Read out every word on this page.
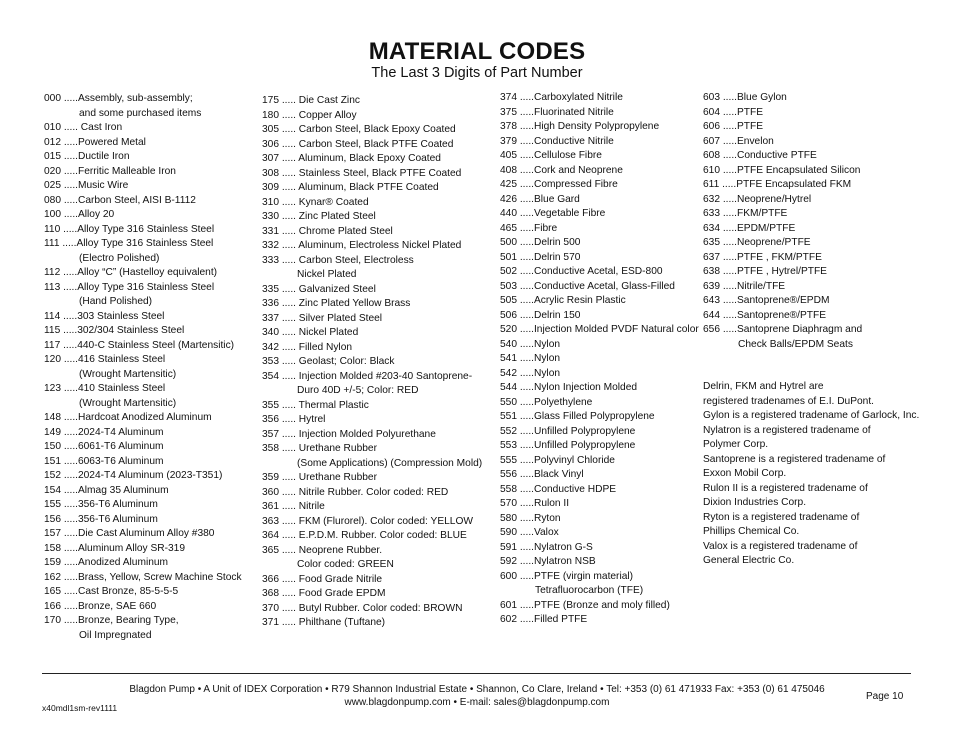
MATERIAL CODES
The Last 3 Digits of Part Number
000 .....Assembly, sub-assembly;
and some purchased items
010 ..... Cast Iron
012 .....Powered Metal
015 .....Ductile Iron
020 .....Ferritic Malleable Iron
025 .....Music Wire
080 .....Carbon Steel, AISI B-1112
100 .....Alloy 20
110 .....Alloy Type 316 Stainless Steel
111 .....Alloy Type 316 Stainless Steel
(Electro Polished)
112 .....Alloy “C” (Hastelloy equivalent)
113 .....Alloy Type 316 Stainless Steel
(Hand Polished)
114 .....303 Stainless Steel
115 .....302/304 Stainless Steel
117 .....440-C Stainless Steel (Martensitic)
120 .....416 Stainless Steel
(Wrought Martensitic)
123 .....410 Stainless Steel
(Wrought Martensitic)
148 .....Hardcoat Anodized Aluminum
149 .....2024-T4 Aluminum
150 .....6061-T6 Aluminum
151 .....6063-T6 Aluminum
152 .....2024-T4 Aluminum (2023-T351)
154 .....Almag 35 Aluminum
155 .....356-T6 Aluminum
156 .....356-T6 Aluminum
157 .....Die Cast Aluminum Alloy #380
158 .....Aluminum Alloy SR-319
159 .....Anodized Aluminum
162 .....Brass, Yellow, Screw Machine Stock
165 .....Cast Bronze, 85-5-5-5
166 .....Bronze, SAE 660
170 .....Bronze, Bearing Type,
Oil Impregnated
175 ..... Die Cast Zinc
180 ..... Copper Alloy
305 ..... Carbon Steel, Black Epoxy Coated
306 ..... Carbon Steel, Black PTFE Coated
307 ..... Aluminum, Black Epoxy Coated
308 ..... Stainless Steel, Black PTFE Coated
309 ..... Aluminum, Black PTFE Coated
310 ..... Kynar® Coated
330 ..... Zinc Plated Steel
331 ..... Chrome Plated Steel
332 ..... Aluminum, Electroless Nickel Plated
333 ..... Carbon Steel, Electroless
Nickel Plated
335 ..... Galvanized Steel
336 ..... Zinc Plated Yellow Brass
337 ..... Silver Plated Steel
340 ..... Nickel Plated
342 ..... Filled Nylon
353 ..... Geolast; Color: Black
354 ..... Injection Molded #203-40 Santoprene-
Duro 40D +/-5; Color: RED
355 ..... Thermal Plastic
356 ..... Hytrel
357 ..... Injection Molded Polyurethane
358 ..... Urethane Rubber
(Some Applications) (Compression Mold)
359 ..... Urethane Rubber
360 ..... Nitrile Rubber. Color coded: RED
361 ..... Nitrile
363 ..... FKM (Flurorel). Color coded: YELLOW
364 ..... E.P.D.M. Rubber. Color coded: BLUE
365 ..... Neoprene Rubber.
Color coded: GREEN
366 ..... Food Grade Nitrile
368 ..... Food Grade EPDM
370 ..... Butyl Rubber. Color coded: BROWN
371 ..... Philthane (Tuftane)
374 .....Carboxylated Nitrile
375 .....Fluorinated Nitrile
378 .....High Density Polypropylene
379 .....Conductive Nitrile
405 .....Cellulose Fibre
408 .....Cork and Neoprene
425 .....Compressed Fibre
426 .....Blue Gard
440 .....Vegetable Fibre
465 .....Fibre
500 .....Delrin 500
501 .....Delrin 570
502 .....Conductive Acetal, ESD-800
503 .....Conductive Acetal, Glass-Filled
505 .....Acrylic Resin Plastic
506 .....Delrin 150
520 .....Injection Molded PVDF Natural color
540 .....Nylon
541 .....Nylon
542 .....Nylon
544 .....Nylon Injection Molded
550 .....Polyethylene
551 .....Glass Filled Polypropylene
552 .....Unfilled Polypropylene
553 .....Unfilled Polypropylene
555 .....Polyvinyl Chloride
556 .....Black Vinyl
558 .....Conductive HDPE
570 .....Rulon II
580 .....Ryton
590 .....Valox
591 .....Nylatron G-S
592 .....Nylatron NSB
600 .....PTFE (virgin material)
Tetrafluorocarbon (TFE)
601 .....PTFE (Bronze and moly filled)
602 .....Filled PTFE
603 .....Blue Gylon
604 .....PTFE
606 .....PTFE
607 .....Envelon
608 .....Conductive PTFE
610 .....PTFE Encapsulated Silicon
611 .....PTFE Encapsulated FKM
632 .....Neoprene/Hytrel
633 .....FKM/PTFE
634 .....EPDM/PTFE
635 .....Neoprene/PTFE
637 .....PTFE , FKM/PTFE
638 .....PTFE , Hytrel/PTFE
639 .....Nitrile/TFE
643 .....Santoprene®/EPDM
644 .....Santoprene®/PTFE
656 .....Santoprene Diaphragm and
Check Balls/EPDM Seats
Delrin, FKM and Hytrel are
registered tradenames of E.I. DuPont.
Gylon is a registered tradename of Garlock, Inc.
Nylatron is a registered tradename of
Polymer Corp.
Santoprene is a registered tradename of
Exxon Mobil Corp.
Rulon II is a registered tradename of
Dixion Industries Corp.
Ryton is a registered tradename of
Phillips Chemical Co.
Valox is a registered tradename of
General Electric Co.
Blagdon Pump • A Unit of IDEX Corporation • R79 Shannon Industrial Estate • Shannon, Co Clare, Ireland • Tel: +353 (0) 61 471933 Fax: +353 (0) 61 475046
www.blagdonpump.com • E-mail: sales@blagdonpump.com
Page 10
x40mdl1sm-rev1111
